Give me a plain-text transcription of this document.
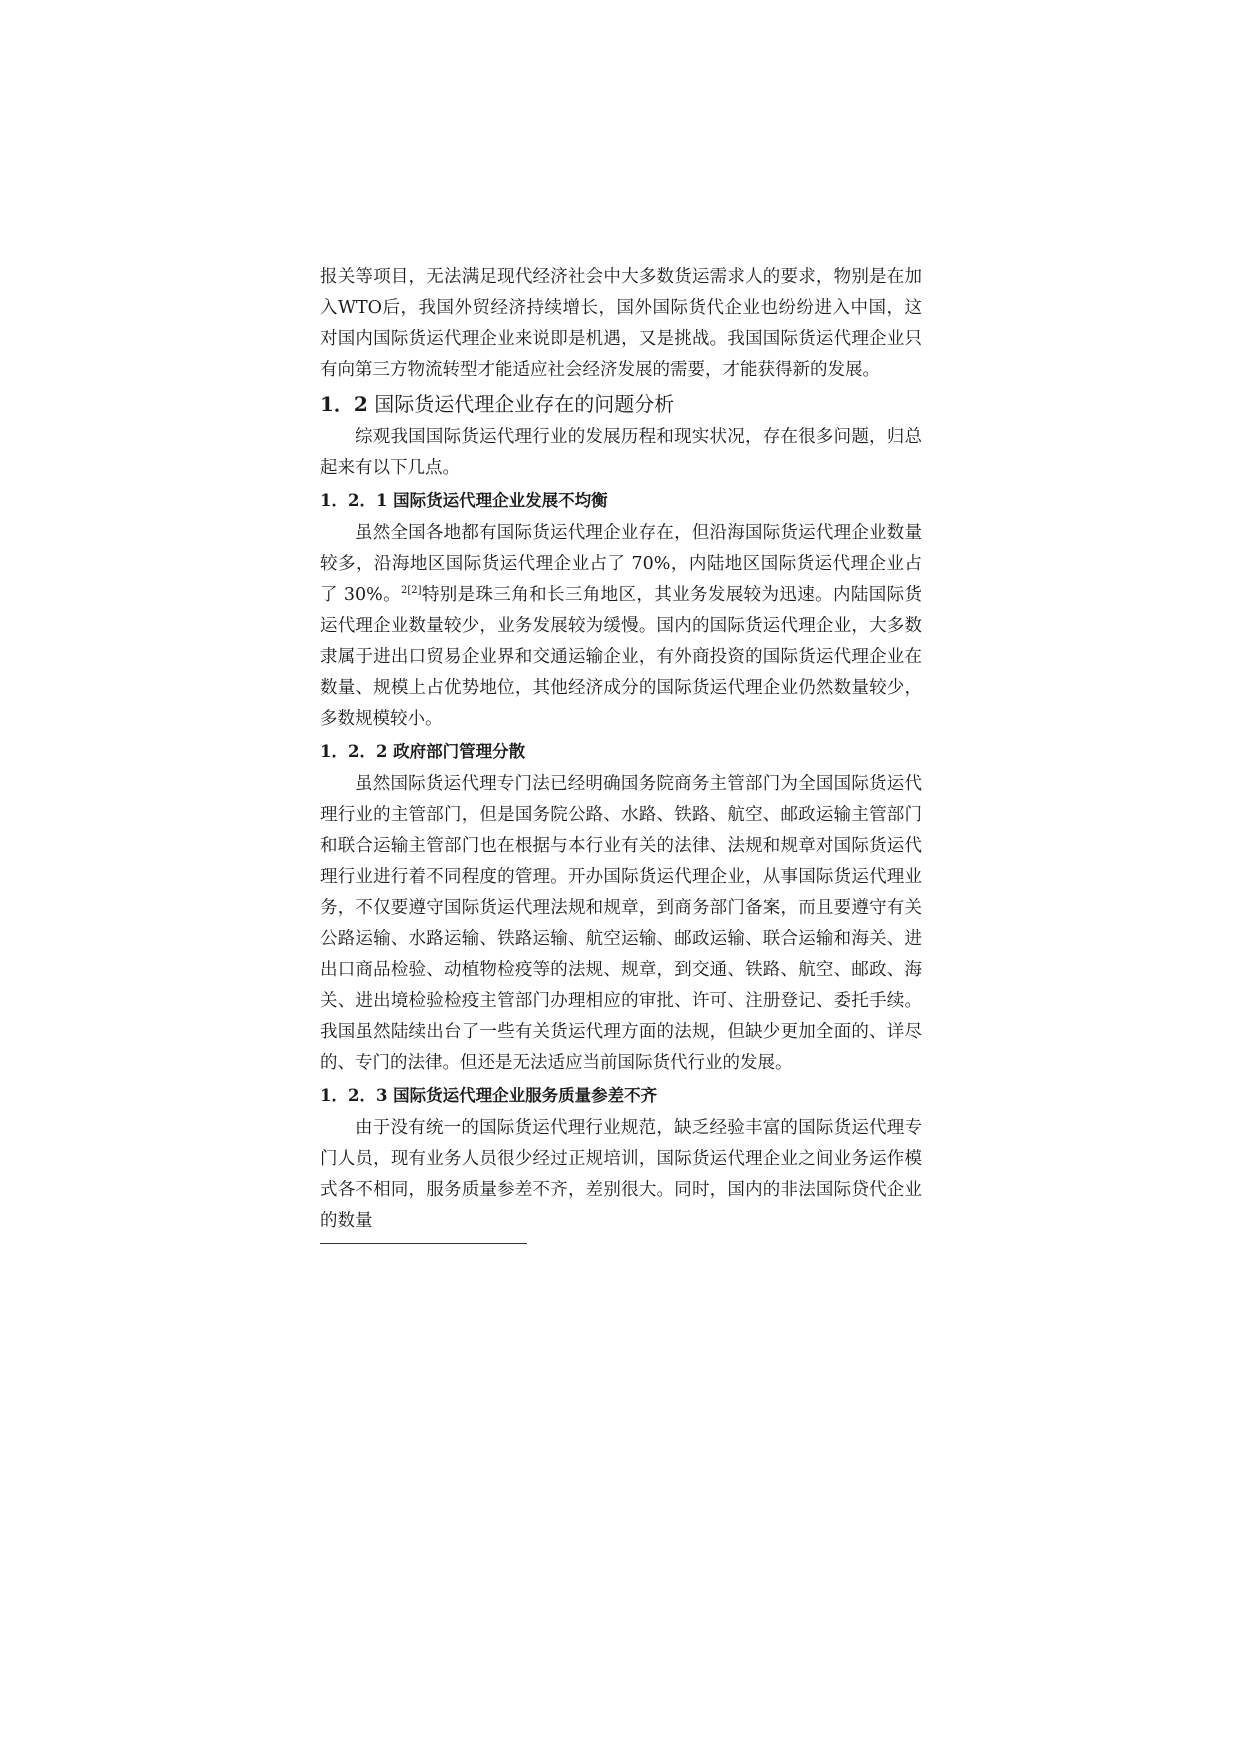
报关等项目，无法满足现代经济社会中大多数货运需求人的要求，物别是在加入WTO后，我国外贸经济持续增长，国外国际货代企业也纷纷进入中国，这对国内国际货运代理企业来说即是机遇，又是挑战。我国国际货运代理企业只有向第三方物流转型才能适应社会经济发展的需要，才能获得新的发展。

1．2 国际货运代理企业存在的问题分析

综观我国国际货运代理行业的发展历程和现实状况，存在很多问题，归总起来有以下几点。

1．2．1 国际货运代理企业发展不均衡

虽然全国各地都有国际货运代理企业存在，但沿海国际货运代理企业数量较多，沿海地区国际货运代理企业占了 70%，内陆地区国际货运代理企业占了 30%。$^{2[2]}$特别是珠三角和长三角地区，其业务发展较为迅速。内陆国际货运代理企业数量较少，业务发展较为缓慢。国内的国际货运代理企业，大多数隶属于进出口贸易企业界和交通运输企业，有外商投资的国际货运代理企业在数量、规模上占优势地位，其他经济成分的国际货运代理企业仍然数量较少，多数规模较小。

1．2．2 政府部门管理分散

虽然国际货运代理专门法已经明确国务院商务主管部门为全国国际货运代理行业的主管部门，但是国务院公路、水路、铁路、航空、邮政运输主管部门和联合运输主管部门也在根据与本行业有关的法律、法规和规章对国际货运代理行业进行着不同程度的管理。开办国际货运代理企业，从事国际货运代理业务，不仅要遵守国际货运代理法规和规章，到商务部门备案，而且要遵守有关公路运输、水路运输、铁路运输、航空运输、邮政运输、联合运输和海关、进出口商品检验、动植物检疫等的法规、规章，到交通、铁路、航空、邮政、海关、进出境检验检疫主管部门办理相应的审批、许可、注册登记、委托手续。我国虽然陆续出台了一些有关货运代理方面的法规，但缺少更加全面的、详尽的、专门的法律。但还是无法适应当前国际货代行业的发展。

1．2．3 国际货运代理企业服务质量参差不齐

由于没有统一的国际货运代理行业规范，缺乏经验丰富的国际货运代理专门人员，现有业务人员很少经过正规培训，国际货运代理企业之间业务运作模式各不相同，服务质量参差不齐，差别很大。同时，国内的非法国际贷代企业的数量
